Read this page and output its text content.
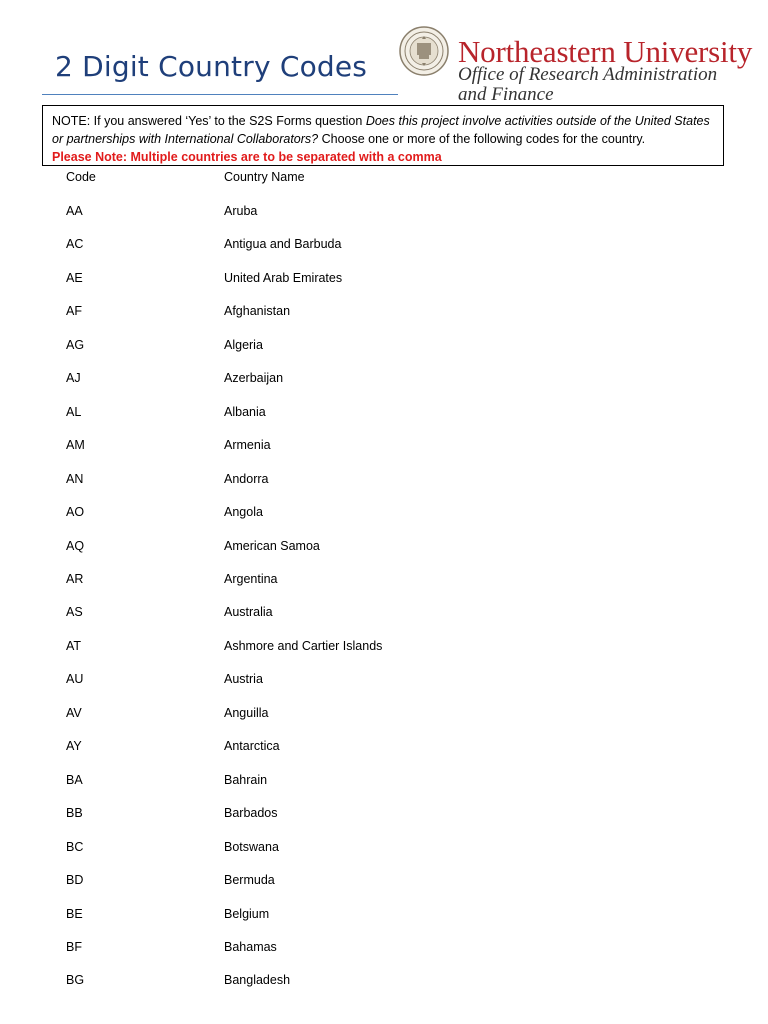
2 Digit Country Codes	Northeastern University
Office of Research Administration
and Finance
NOTE: If you answered ‘Yes’ to the S2S Forms question Does this project involve activities outside of the United States
or partnerships with International Collaborators? Choose one or more of the following codes for the country.
Please Note: Multiple countries are to be separated with a comma
Code	Country Name
AA	Aruba
AC	Antigua and Barbuda
AE	United Arab Emirates
AF	Afghanistan
AG	Algeria
AJ	Azerbaijan
AL	Albania
AM	Armenia
AN	Andorra
AO	Angola
AQ	American Samoa
AR	Argentina
AS	Australia
AT	Ashmore and Cartier Islands
AU	Austria
AV	Anguilla
AY	Antarctica
BA	Bahrain
BB	Barbados
BC	Botswana
BD	Bermuda
BE	Belgium
BF	Bahamas
BG	Bangladesh
